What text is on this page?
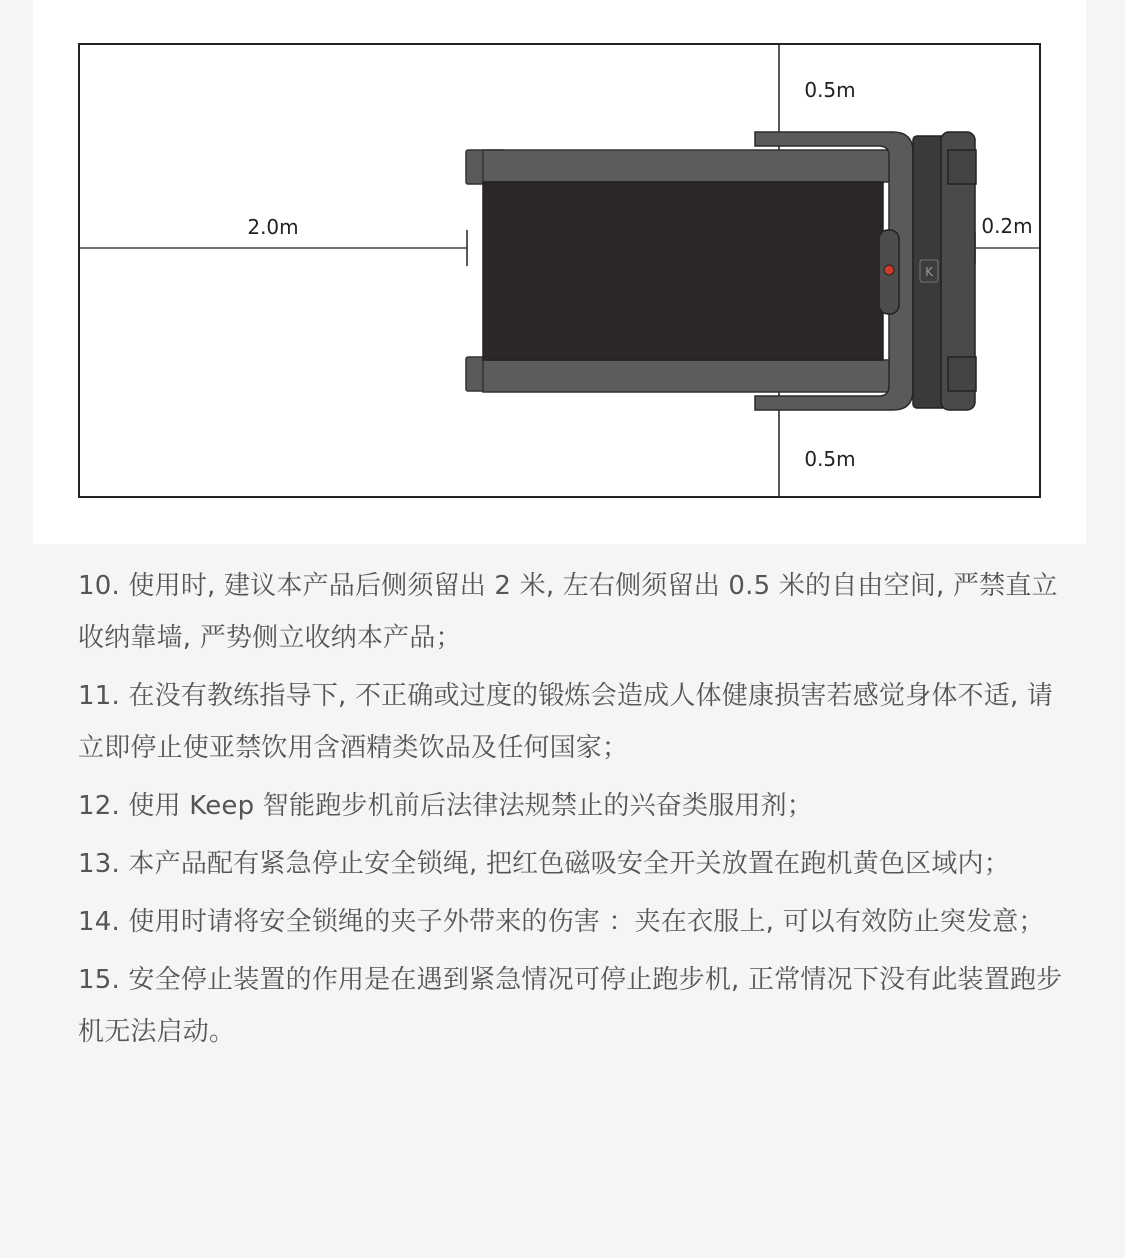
K
2.0m
0.5m
0.5m
0.2m
10. 使用时, 建议本产品后侧须留出 2 米, 左右侧须留出 0.5 米的自由空间, 严禁直立收纳靠墙, 严势侧立收纳本产品；
11. 在没有教练指导下, 不正确或过度的锻炼会造成人体健康损害若感觉身体不适, 请立即停止使亚禁饮用含酒精类饮品及任何国家；
12. 使用 Keep 智能跑步机前后法律法规禁止的兴奋类服用剂；
13. 本产品配有紧急停止安全锁绳, 把红色磁吸安全开关放置在跑机黄色区域内；
14. 使用时请将安全锁绳的夹子外带来的伤害 ：夹在衣服上, 可以有效防止突发意；
15. 安全停止装置的作用是在遇到紧急情况可停止跑步机, 正常情况下没有此装置跑步机无法启动。
